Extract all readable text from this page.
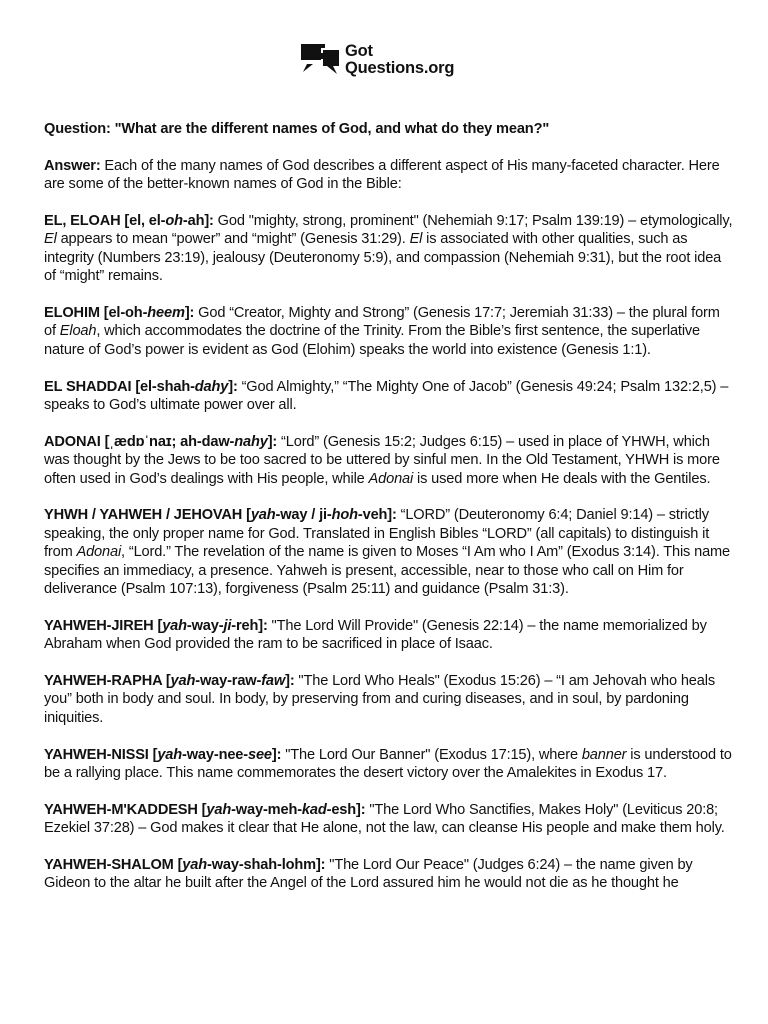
Got
Questions.org

Question: "What are the different names of God, and what do they mean?"

Answer: Each of the many names of God describes a different aspect of His many-faceted character. Here are some of the better-known names of God in the Bible:

EL, ELOAH [el, el-oh-ah]: God "mighty, strong, prominent" (Nehemiah 9:17; Psalm 139:19) – etymologically, El appears to mean “power” and “might” (Genesis 31:29). El is associated with other qualities, such as integrity (Numbers 23:19), jealousy (Deuteronomy 5:9), and compassion (Nehemiah 9:31), but the root idea of “might” remains.

ELOHIM [el-oh-heem]: God “Creator, Mighty and Strong” (Genesis 17:7; Jeremiah 31:33) – the plural form of Eloah, which accommodates the doctrine of the Trinity. From the Bible’s first sentence, the superlative nature of God’s power is evident as God (Elohim) speaks the world into existence (Genesis 1:1).

EL SHADDAI [el-shah-dahy]: “God Almighty,” “The Mighty One of Jacob” (Genesis 49:24; Psalm 132:2,5) – speaks to God’s ultimate power over all.

ADONAI [ˌædɒˈnaɪ; ah-daw-nahy]: “Lord” (Genesis 15:2; Judges 6:15) – used in place of YHWH, which was thought by the Jews to be too sacred to be uttered by sinful men. In the Old Testament, YHWH is more often used in God’s dealings with His people, while Adonai is used more when He deals with the Gentiles.

YHWH / YAHWEH / JEHOVAH [yah-way / ji-hoh-veh]: “LORD” (Deuteronomy 6:4; Daniel 9:14) – strictly speaking, the only proper name for God. Translated in English Bibles “LORD” (all capitals) to distinguish it from Adonai, “Lord.” The revelation of the name is given to Moses “I Am who I Am” (Exodus 3:14). This name specifies an immediacy, a presence. Yahweh is present, accessible, near to those who call on Him for deliverance (Psalm 107:13), forgiveness (Psalm 25:11) and guidance (Psalm 31:3).

YAHWEH-JIREH [yah-way-ji-reh]: "The Lord Will Provide" (Genesis 22:14) – the name memorialized by Abraham when God provided the ram to be sacrificed in place of Isaac.

YAHWEH-RAPHA [yah-way-raw-faw]: "The Lord Who Heals" (Exodus 15:26) – “I am Jehovah who heals you” both in body and soul. In body, by preserving from and curing diseases, and in soul, by pardoning iniquities.

YAHWEH-NISSI [yah-way-nee-see]: "The Lord Our Banner" (Exodus 17:15), where banner is understood to be a rallying place. This name commemorates the desert victory over the Amalekites in Exodus 17.

YAHWEH-M'KADDESH [yah-way-meh-kad-esh]: "The Lord Who Sanctifies, Makes Holy" (Leviticus 20:8; Ezekiel 37:28) – God makes it clear that He alone, not the law, can cleanse His people and make them holy.

YAHWEH-SHALOM [yah-way-shah-lohm]: "The Lord Our Peace" (Judges 6:24) – the name given by Gideon to the altar he built after the Angel of the Lord assured him he would not die as he thought he
